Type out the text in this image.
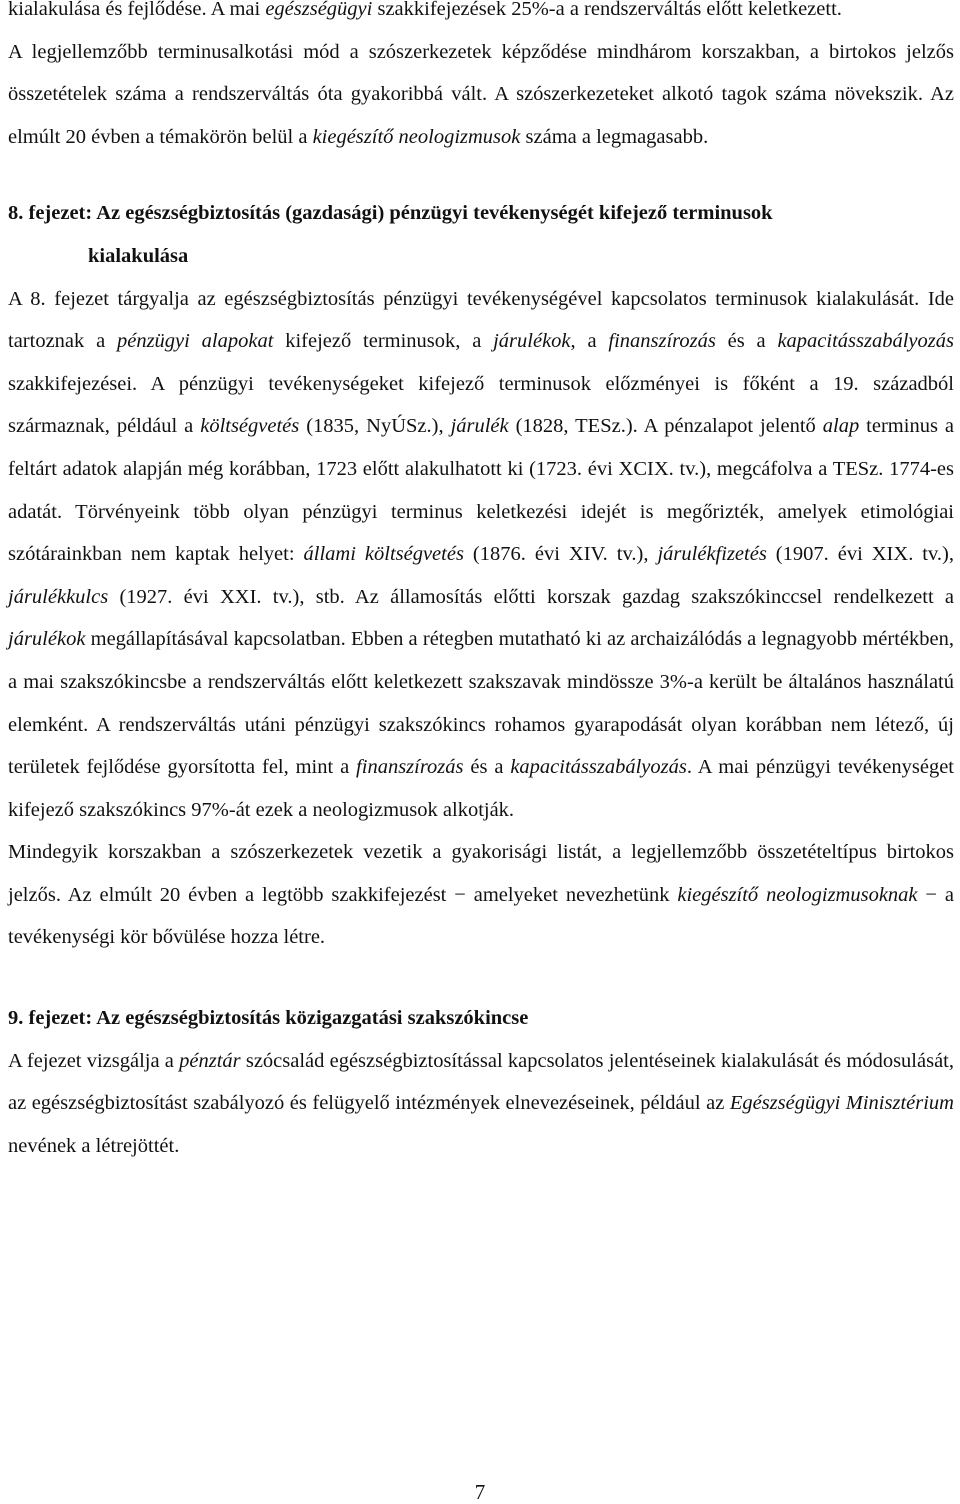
kialakulása és fejlődése. A mai egészségügyi szakkifejezések 25%-a a rendszerváltás előtt keletkezett.

A legjellemzőbb terminusalkotási mód a szószerkezetek képződése mindhárom korszakban, a birtokos jelzős összetételek száma a rendszerváltás óta gyakoribbá vált. A szószerkezeteket alkotó tagok száma növekszik. Az elmúlt 20 évben a témakörön belül a kiegészítő neologizmusok száma a legmagasabb.

8. fejezet: Az egészségbiztosítás (gazdasági) pénzügyi tevékenységét kifejező terminusok
kialakulása

A 8. fejezet tárgyalja az egészségbiztosítás pénzügyi tevékenységével kapcsolatos terminusok kialakulását. Ide tartoznak a pénzügyi alapokat kifejező terminusok, a járulékok, a finanszírozás és a kapacitásszabályozás szakkifejezései. A pénzügyi tevékenységeket kifejező terminusok előzményei is főként a 19. századból származnak, például a költségvetés (1835, NyÚSz.), járulék (1828, TESz.). A pénzalapot jelentő alap terminus a feltárt adatok alapján még korábban, 1723 előtt alakulhatott ki (1723. évi XCIX. tv.), megcáfolva a TESz. 1774-es adatát. Törvényeink több olyan pénzügyi terminus keletkezési idejét is megőrizték, amelyek etimológiai szótárainkban nem kaptak helyet: állami költségvetés (1876. évi XIV. tv.), járulékfizetés (1907. évi XIX. tv.), járulékkulcs (1927. évi XXI. tv.), stb. Az államosítás előtti korszak gazdag szakszókinccsel rendelkezett a járulékok megállapításával kapcsolatban. Ebben a rétegben mutatható ki az archaizálódás a legnagyobb mértékben, a mai szakszókincsbe a rendszerváltás előtt keletkezett szakszavak mindössze 3%-a került be általános használatú elemként. A rendszerváltás utáni pénzügyi szakszókincs rohamos gyarapodását olyan korábban nem létező, új területek fejlődése gyorsította fel, mint a finanszírozás és a kapacitásszabályozás. A mai pénzügyi tevékenységet kifejező szakszókincs 97%-át ezek a neologizmusok alkotják.

Mindegyik korszakban a szószerkezetek vezetik a gyakorisági listát, a legjellemzőbb összetételtípus birtokos jelzős. Az elmúlt 20 évben a legtöbb szakkifejezést − amelyeket nevezhetünk kiegészítő neologizmusoknak − a tevékenységi kör bővülése hozza létre.

9. fejezet: Az egészségbiztosítás közigazgatási szakszókincse

A fejezet vizsgálja a pénztár szócsalád egészségbiztosítással kapcsolatos jelentéseinek kialakulását és módosulását, az egészségbiztosítást szabályozó és felügyelő intézmények elnevezéseinek, például az Egészségügyi Minisztérium nevének a létrejöttét.

7
